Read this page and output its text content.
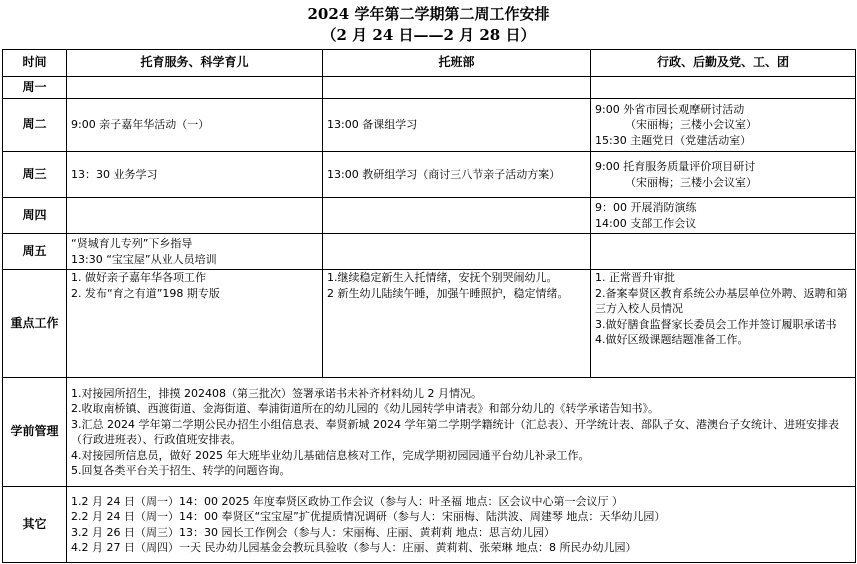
2024 学年第二学期第二周工作安排
（2 月 24 日——2 月 28 日）
时间	托育服务、科学育儿	托班部	行政、后勤及党、工、团
周一			
周二	9:00 亲子嘉年华活动（一）	13:00 备课组学习	9:00 外省市园长观摩研讨活动
（宋丽梅；三楼小会议室）
15:30 主题党日（党建活动室）

周三	13：30 业务学习	13:00 教研组学习（商讨三八节亲子活动方案）	9:00 托育服务质量评价项目研讨
（宋丽梅；三楼小会议室）

周四			9：00 开展消防演练
14:00 支部工作会议

周五	“贤城育儿专列”下乡指导
13:30 “宝宝屋”从业人员培训		

重点工作	1. 做好亲子嘉年华各项工作
2. 发布“育之有道”198 期专版	1.继续稳定新生入托情绪，安抚个别哭闹幼儿。
2 新生幼儿陆续午睡，加强午睡照护，稳定情绪。	1. 正常晋升审批
2.备案奉贤区教育系统公办基层单位外聘、返聘和第三方入校人员情况
3.做好膳食监督家长委员会工作并签订履职承诺书
4.做好区级课题结题准备工作。

学前管理	1.对接园所招生，排摸 202408（第三批次）签署承诺书未补齐材料幼儿 2 月情况。
2.收取南桥镇、西渡街道、金海街道、奉浦街道所在的幼儿园的《幼儿园转学申请表》和部分幼儿的《转学承诺告知书》。
3.汇总 2024 学年第二学期公民办招生小组信息表、奉贤新城 2024 学年第二学期学籍统计（汇总表）、开学统计表、部队子女、港澳台子女统计、进班安排表（行政进班表）、行政值班安排表。
4.对接园所信息员，做好 2025 年大班毕业幼儿基础信息核对工作，完成学期初园园通平台幼儿补录工作。
5.回复各类平台关于招生、转学的问题咨询。		

其它	1.2 月 24 日（周一）14：00 2025 年度奉贤区政协工作会议（参与人：叶圣福 地点：区会议中心第一会议厅 ）
2.2 月 24 日（周一）14：00 奉贤区“宝宝屋”扩优提质情况调研（参与人：宋丽梅、陆洪波、周建琴 地点：天华幼儿园）
3.2 月 26 日（周三）13：30 园长工作例会（参与人：宋丽梅、庄丽、黄莉莉 地点：思言幼儿园）
4.2 月 27 日（周四）一天 民办幼儿园基金会教玩具验收（参与人：庄丽、黄莉莉、张荣琳 地点：8 所民办幼儿园）		
